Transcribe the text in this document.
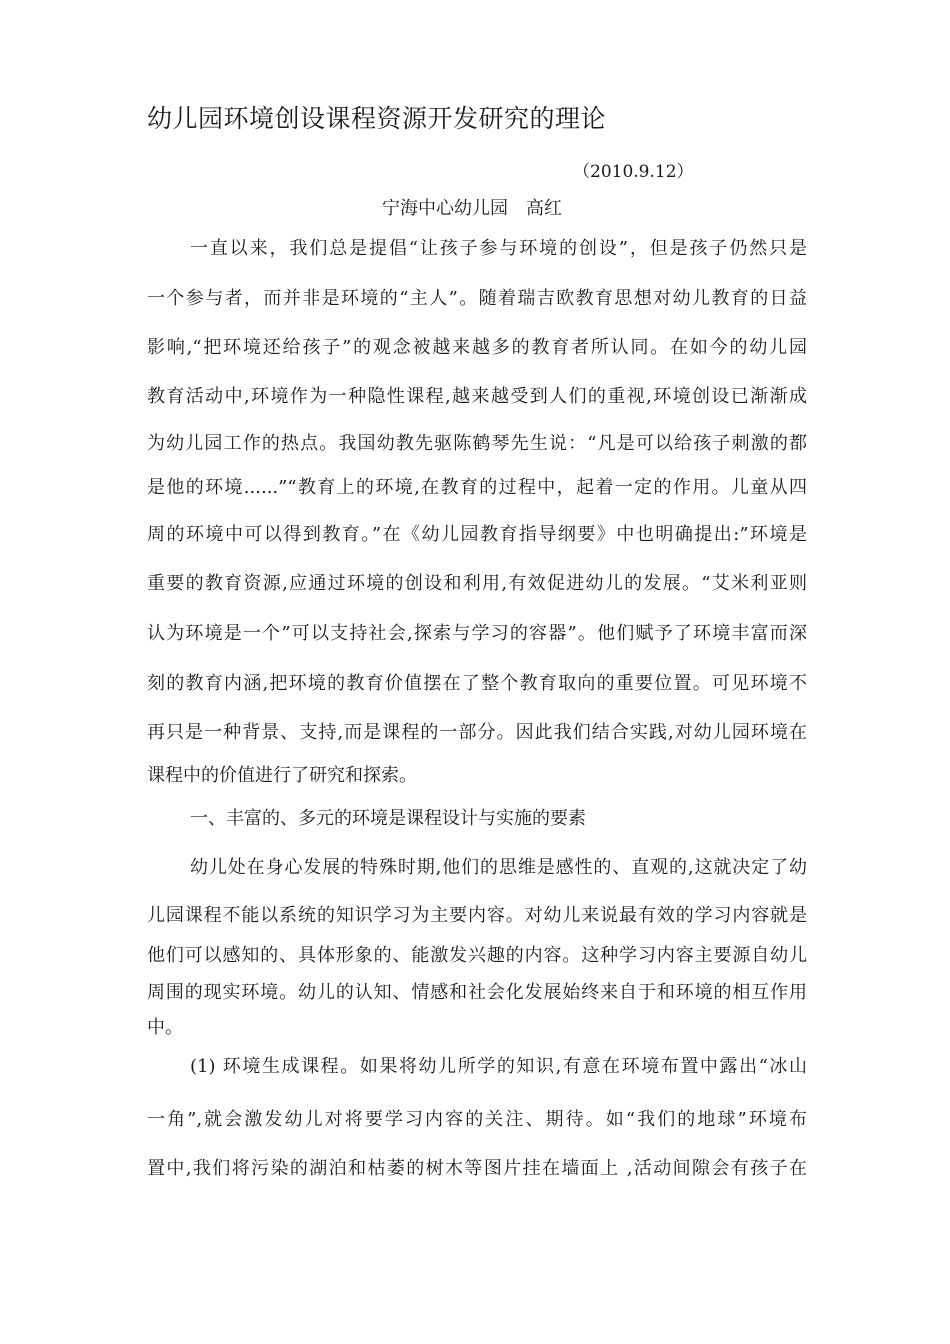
幼儿园环境创设课程资源开发研究的理论
（2010.9.12）
宁海中心幼儿园　高红
一直以来，我们总是提倡“让孩子参与环境的创设”，但是孩子仍然只是
一个参与者，而并非是环境的“主人”。随着瑞吉欧教育思想对幼儿教育的日益
影响,“把环境还给孩子”的观念被越来越多的教育者所认同。在如今的幼儿园
教育活动中,环境作为一种隐性课程,越来越受到人们的重视,环境创设已渐渐成
为幼儿园工作的热点。我国幼教先驱陈鹤琴先生说：“凡是可以给孩子刺激的都
是他的环境......”“教育上的环境,在教育的过程中，起着一定的作用。儿童从四
周的环境中可以得到教育。”在《幼儿园教育指导纲要》中也明确提出:”环境是
重要的教育资源,应通过环境的创设和利用,有效促进幼儿的发展。“艾米利亚则
认为环境是一个”可以支持社会,探索与学习的容器”。他们赋予了环境丰富而深
刻的教育内涵,把环境的教育价值摆在了整个教育取向的重要位置。可见环境不
再只是一种背景、支持,而是课程的一部分。因此我们结合实践,对幼儿园环境在
课程中的价值进行了研究和探索。
一、丰富的、多元的环境是课程设计与实施的要素
幼儿处在身心发展的特殊时期,他们的思维是感性的、直观的,这就决定了幼
儿园课程不能以系统的知识学习为主要内容。对幼儿来说最有效的学习内容就是
他们可以感知的、具体形象的、能激发兴趣的内容。这种学习内容主要源自幼儿
周围的现实环境。幼儿的认知、情感和社会化发展始终来自于和环境的相互作用
中。
(1) 环境生成课程。如果将幼儿所学的知识,有意在环境布置中露出“冰山
一角”,就会激发幼儿对将要学习内容的关注、期待。如“我们的地球”环境布
置中,我们将污染的湖泊和枯萎的树木等图片挂在墙面上 ,活动间隙会有孩子在
